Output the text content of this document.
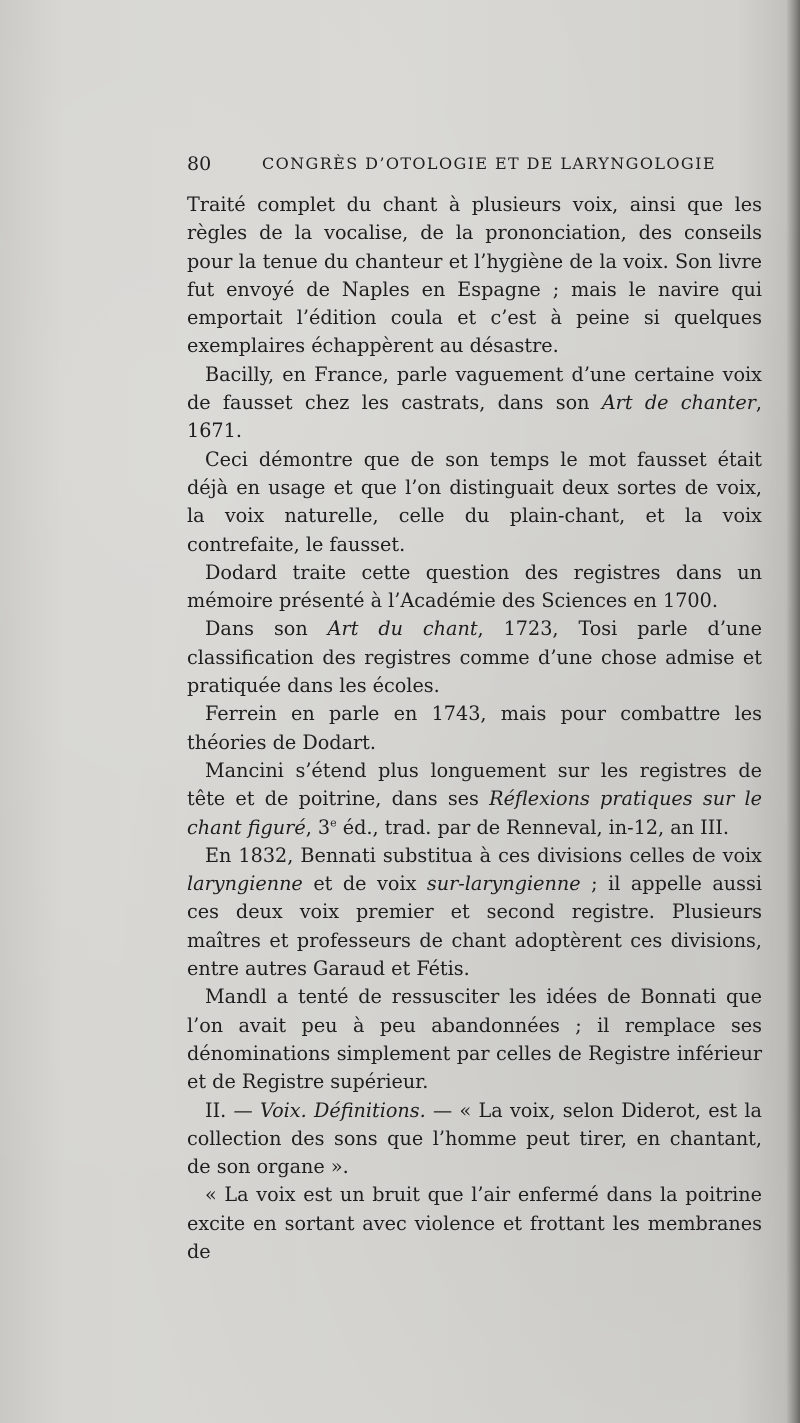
80	CONGRÈS D’OTOLOGIE ET DE LARYNGOLOGIE

Traité complet du chant à plusieurs voix, ainsi que les règles de la vocalise, de la prononciation, des conseils pour la tenue du chanteur et l’hygiène de la voix. Son livre fut envoyé de Naples en Espagne ; mais le navire qui emportait l’édition coula et c’est à peine si quelques exemplaires échappèrent au désastre.

Bacilly, en France, parle vaguement d’une certaine voix de fausset chez les castrats, dans son Art de chanter, 1671.

Ceci démontre que de son temps le mot fausset était déjà en usage et que l’on distinguait deux sortes de voix, la voix naturelle, celle du plain-chant, et la voix contrefaite, le fausset.

Dodard traite cette question des registres dans un mémoire présenté à l’Académie des Sciences en 1700.

Dans son Art du chant, 1723, Tosi parle d’une classification des registres comme d’une chose admise et pratiquée dans les écoles.

Ferrein en parle en 1743, mais pour combattre les théories de Dodart.

Mancini s’étend plus longuement sur les registres de tête et de poitrine, dans ses Réflexions pratiques sur le chant figuré, 3e éd., trad. par de Renneval, in-12, an III.

En 1832, Bennati substitua à ces divisions celles de voix laryngienne et de voix sur-laryngienne ; il appelle aussi ces deux voix premier et second registre. Plusieurs maîtres et professeurs de chant adoptèrent ces divisions, entre autres Garaud et Fétis.

Mandl a tenté de ressusciter les idées de Bonnati que l’on avait peu à peu abandonnées ; il remplace ses dénominations simplement par celles de Registre inférieur et de Registre supérieur.

II. — Voix. Définitions. — « La voix, selon Diderot, est la collection des sons que l’homme peut tirer, en chantant, de son organe ».

« La voix est un bruit que l’air enfermé dans la poitrine excite en sortant avec violence et frottant les membranes de
